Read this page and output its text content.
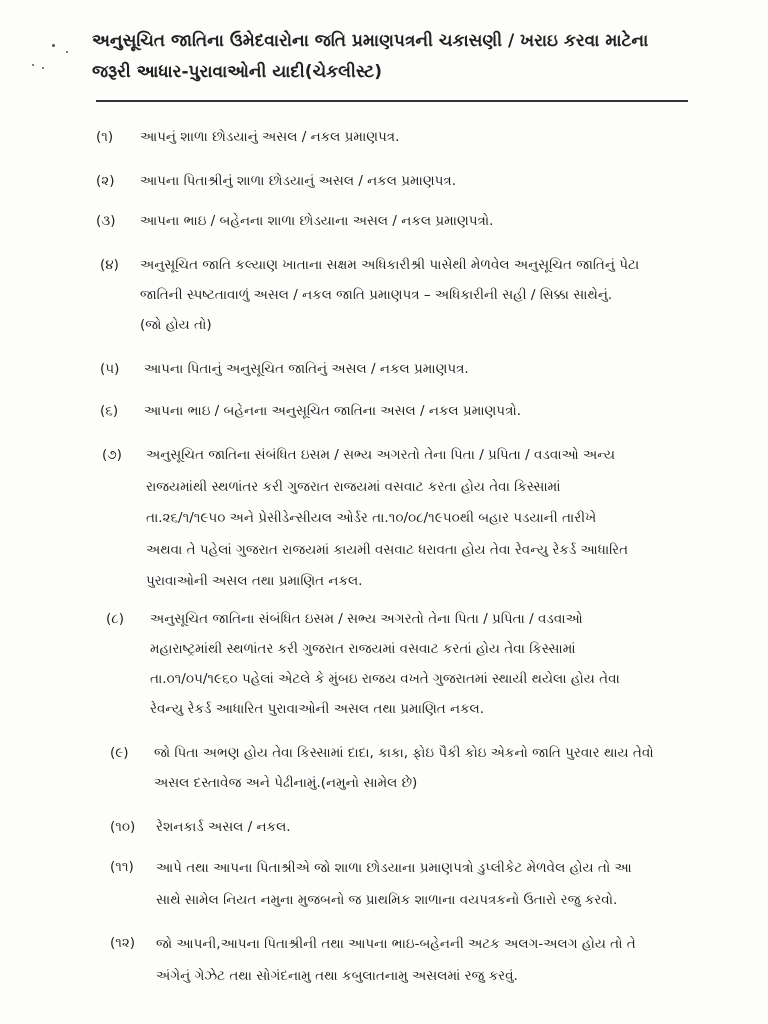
અનુસૂચિત જાતિના ઉમેદવારોના જતિ પ્રમાણપત્રની ચકાસણી / ખરાઇ કરવા માટેના
જરૂરી આધાર-પુરાવાઓની યાદી(ચેકલીસ્ટ)
(૧) આપનું શાળા છોડયાનું અસલ / નકલ પ્રમાણપત્ર.
(૨) આપના પિતાશ્રીનું શાળા છોડયાનું અસલ / નકલ પ્રમાણપત્ર.
(૩) આપના ભાઇ / બહેનના શાળા છોડયાના અસલ / નકલ પ્રમાણપત્રો.
(૪) અનુસૂચિત જાતિ કલ્યાણ ખાતાના સક્ષમ અધિકારીશ્રી પાસેથી મેળવેલ અનુસૂચિત જાતિનું પેટા
જાતિની સ્પષ્ટતાવાળું અસલ / નકલ જાતિ પ્રમાણપત્ર – અધિકારીની સહી / સિક્કા સાથેનું.
(જો હોય તો)
(૫) આપના પિતાનું અનુસૂચિત જાતિનું અસલ / નકલ પ્રમાણપત્ર.
(૬) આપના ભાઇ / બહેનના અનુસૂચિત જાતિના અસલ / નકલ પ્રમાણપત્રો.
(૭) અનુસૂચિત જાતિના સંબંધિત ઇસમ / સભ્ય અગરતો તેના પિતા / પ્રપિતા / વડવાઓ અન્ય
રાજયમાંથી સ્થળાંતર કરી ગુજરાત રાજયમાં વસવાટ કરતા હોય તેવા કિસ્સામાં
તા.૨૬/૧/૧૯૫૦ અને પ્રેસીડેન્સીયલ ઓર્ડર તા.૧૦/૦૮/૧૯૫૦થી બહાર પડયાની તારીખે
અથવા તે પહેલાં ગુજરાત રાજયમાં કાયમી વસવાટ ધરાવતા હોય તેવા રેવન્યુ રેકર્ડ આધારિત
પુરાવાઓની અસલ તથા પ્રમાણિત નકલ.
(૮) અનુસૂચિત જાતિના સંબંધિત ઇસમ / સભ્ય અગરતો તેના પિતા / પ્રપિતા / વડવાઓ
મહારાષ્ટ્રમાંથી સ્થળાંતર કરી ગુજરાત રાજયમાં વસવાટ કરતાં હોય તેવા કિસ્સામાં
તા.૦૧/૦૫/૧૯૬૦ પહેલાં એટલે કે મુંબઇ રાજય વખતે ગુજરાતમાં સ્થાયી થયેલા હોય તેવા
રેવન્યુ રેકર્ડ આધારિત પુરાવાઓની અસલ તથા પ્રમાણિત નકલ.
(૯) જો પિતા અભણ હોય તેવા કિસ્સામાં દાદા, કાકા, ફોઇ પૈકી કોઇ એકનો જાતિ પુરવાર થાય તેવો
અસલ દસ્તાવેજ અને પેઢીનામું.(નમુનો સામેલ છે)
(૧૦) રેશનકાર્ડ અસલ / નકલ.
(૧૧) આપે તથા આપના પિતાશ્રીએ જો શાળા છોડયાના પ્રમાણપત્રો ડુપ્લીકેટ મેળવેલ હોય તો આ
સાથે સામેલ નિયત નમુના મુજબનો જ પ્રાથમિક શાળાના વયપત્રકનો ઉતારો રજુ કરવો.
(૧૨) જો આપની,આપના પિતાશ્રીની તથા આપના ભાઇ-બહેનની અટક અલગ-અલગ હોય તો તે
અંગેનું ગેઝેટ તથા સોગંદનામુ તથા કબુલાતનામુ અસલમાં રજુ કરવું.
